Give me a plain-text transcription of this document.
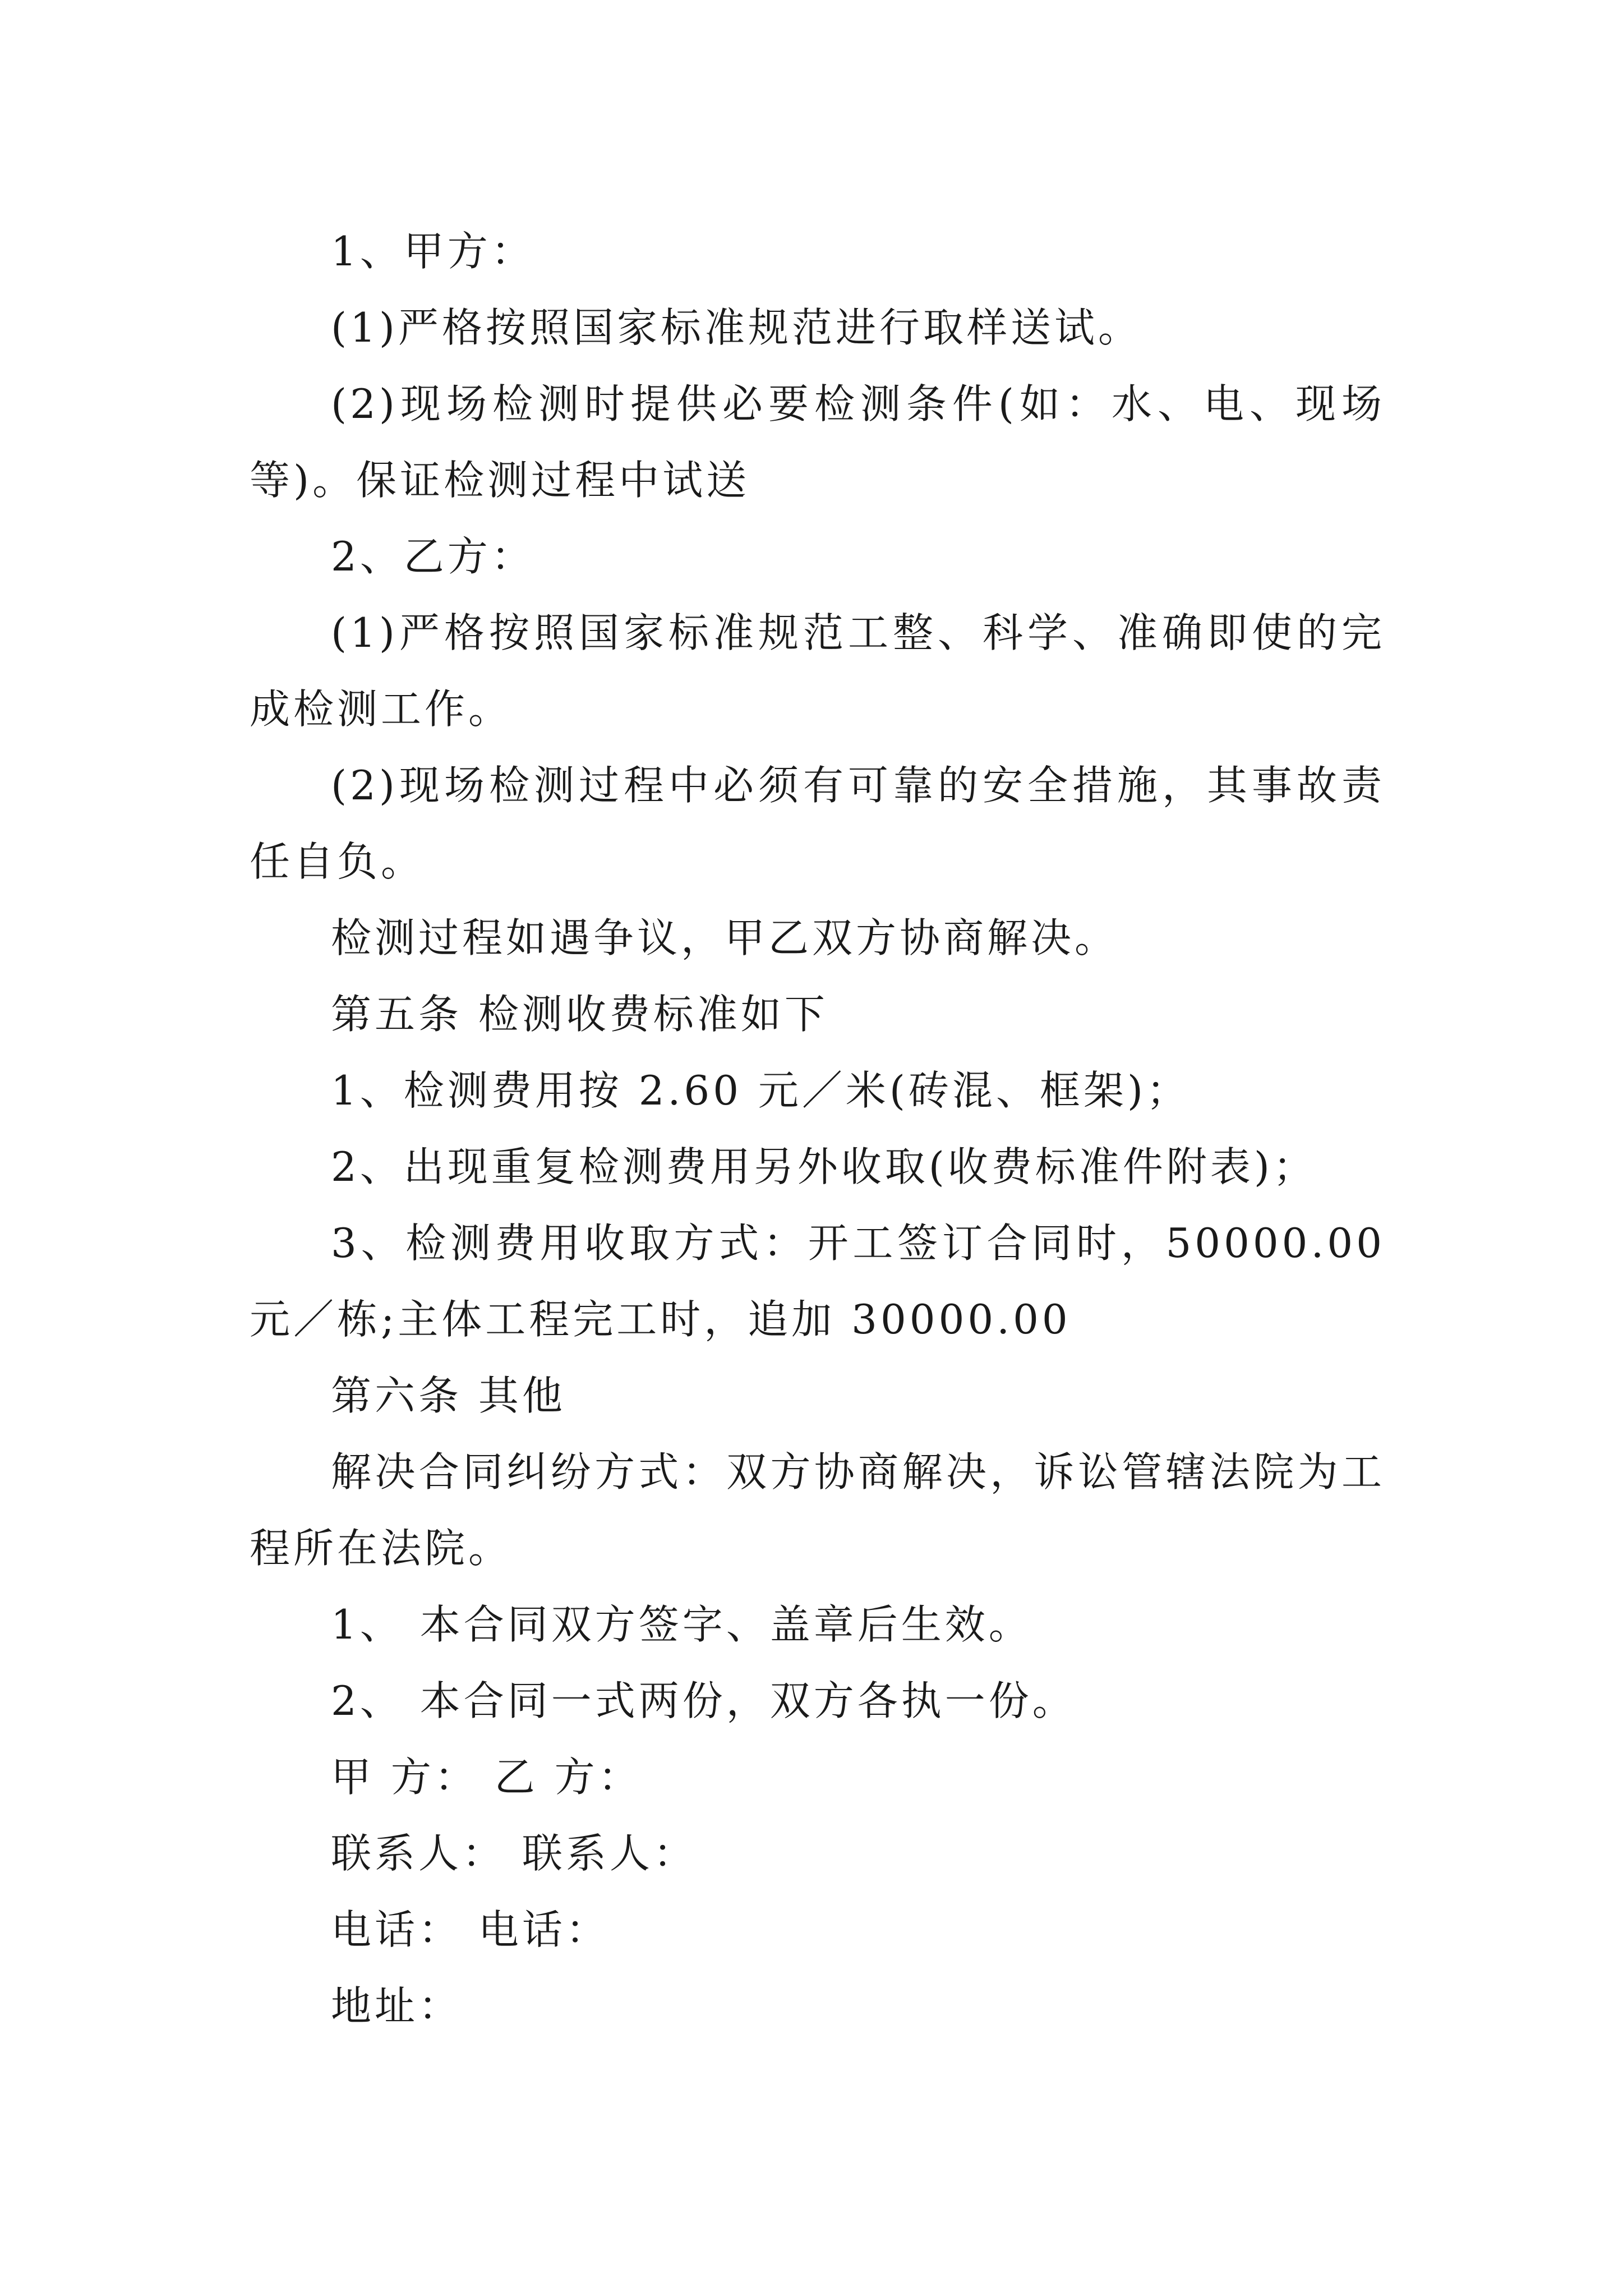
1、甲方：

(1)严格按照国家标准规范进行取样送试。

(2)现场检测时提供必要检测条件(如：水、电、现场等)。保证检测过程中试送

2、乙方：

(1)严格按照国家标准规范工整、科学、准确即使的完成检测工作。

(2)现场检测过程中必须有可靠的安全措施，其事故责任自负。

检测过程如遇争议，甲乙双方协商解决。

第五条 检测收费标准如下

1、检测费用按 2.60 元／米(砖混、框架)；

2、出现重复检测费用另外收取(收费标准件附表)；

3、检测费用收取方式：开工签订合同时，50000.00 元／栋;主体工程完工时，追加 30000.00

第六条 其他

解决合同纠纷方式：双方协商解决，诉讼管辖法院为工程所在法院。

1、 本合同双方签字、盖章后生效。

2、 本合同一式两份，双方各执一份。

甲 方： 乙 方：

联系人： 联系人：

电话： 电话：

地址：
